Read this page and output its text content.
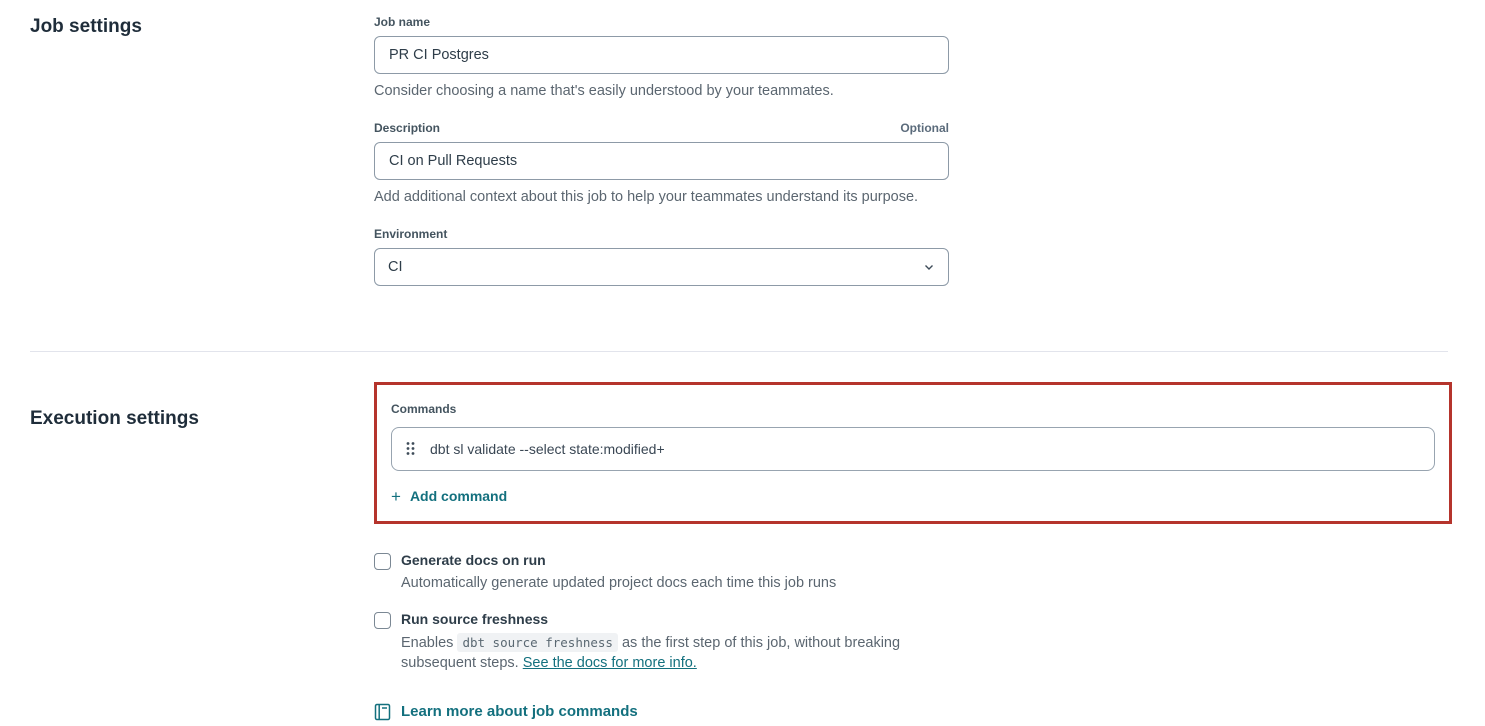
Job settings	Job name
PR CI Postgres

Consider choosing a name that's easily understood by your teammates.

Description	Optional
CI on Pull Requests

Add additional context about this job to help your teammates understand its purpose.

Environment
CI
Execution settings	Commands
dbt sl validate --select state:modified+
+ Add command
Generate docs on run
Automatically generate updated project docs each time this job runs
Run source freshness
Enables dbt source freshness as the first step of this job, without breaking subsequent steps. See the docs for more info.
Learn more about job commands
